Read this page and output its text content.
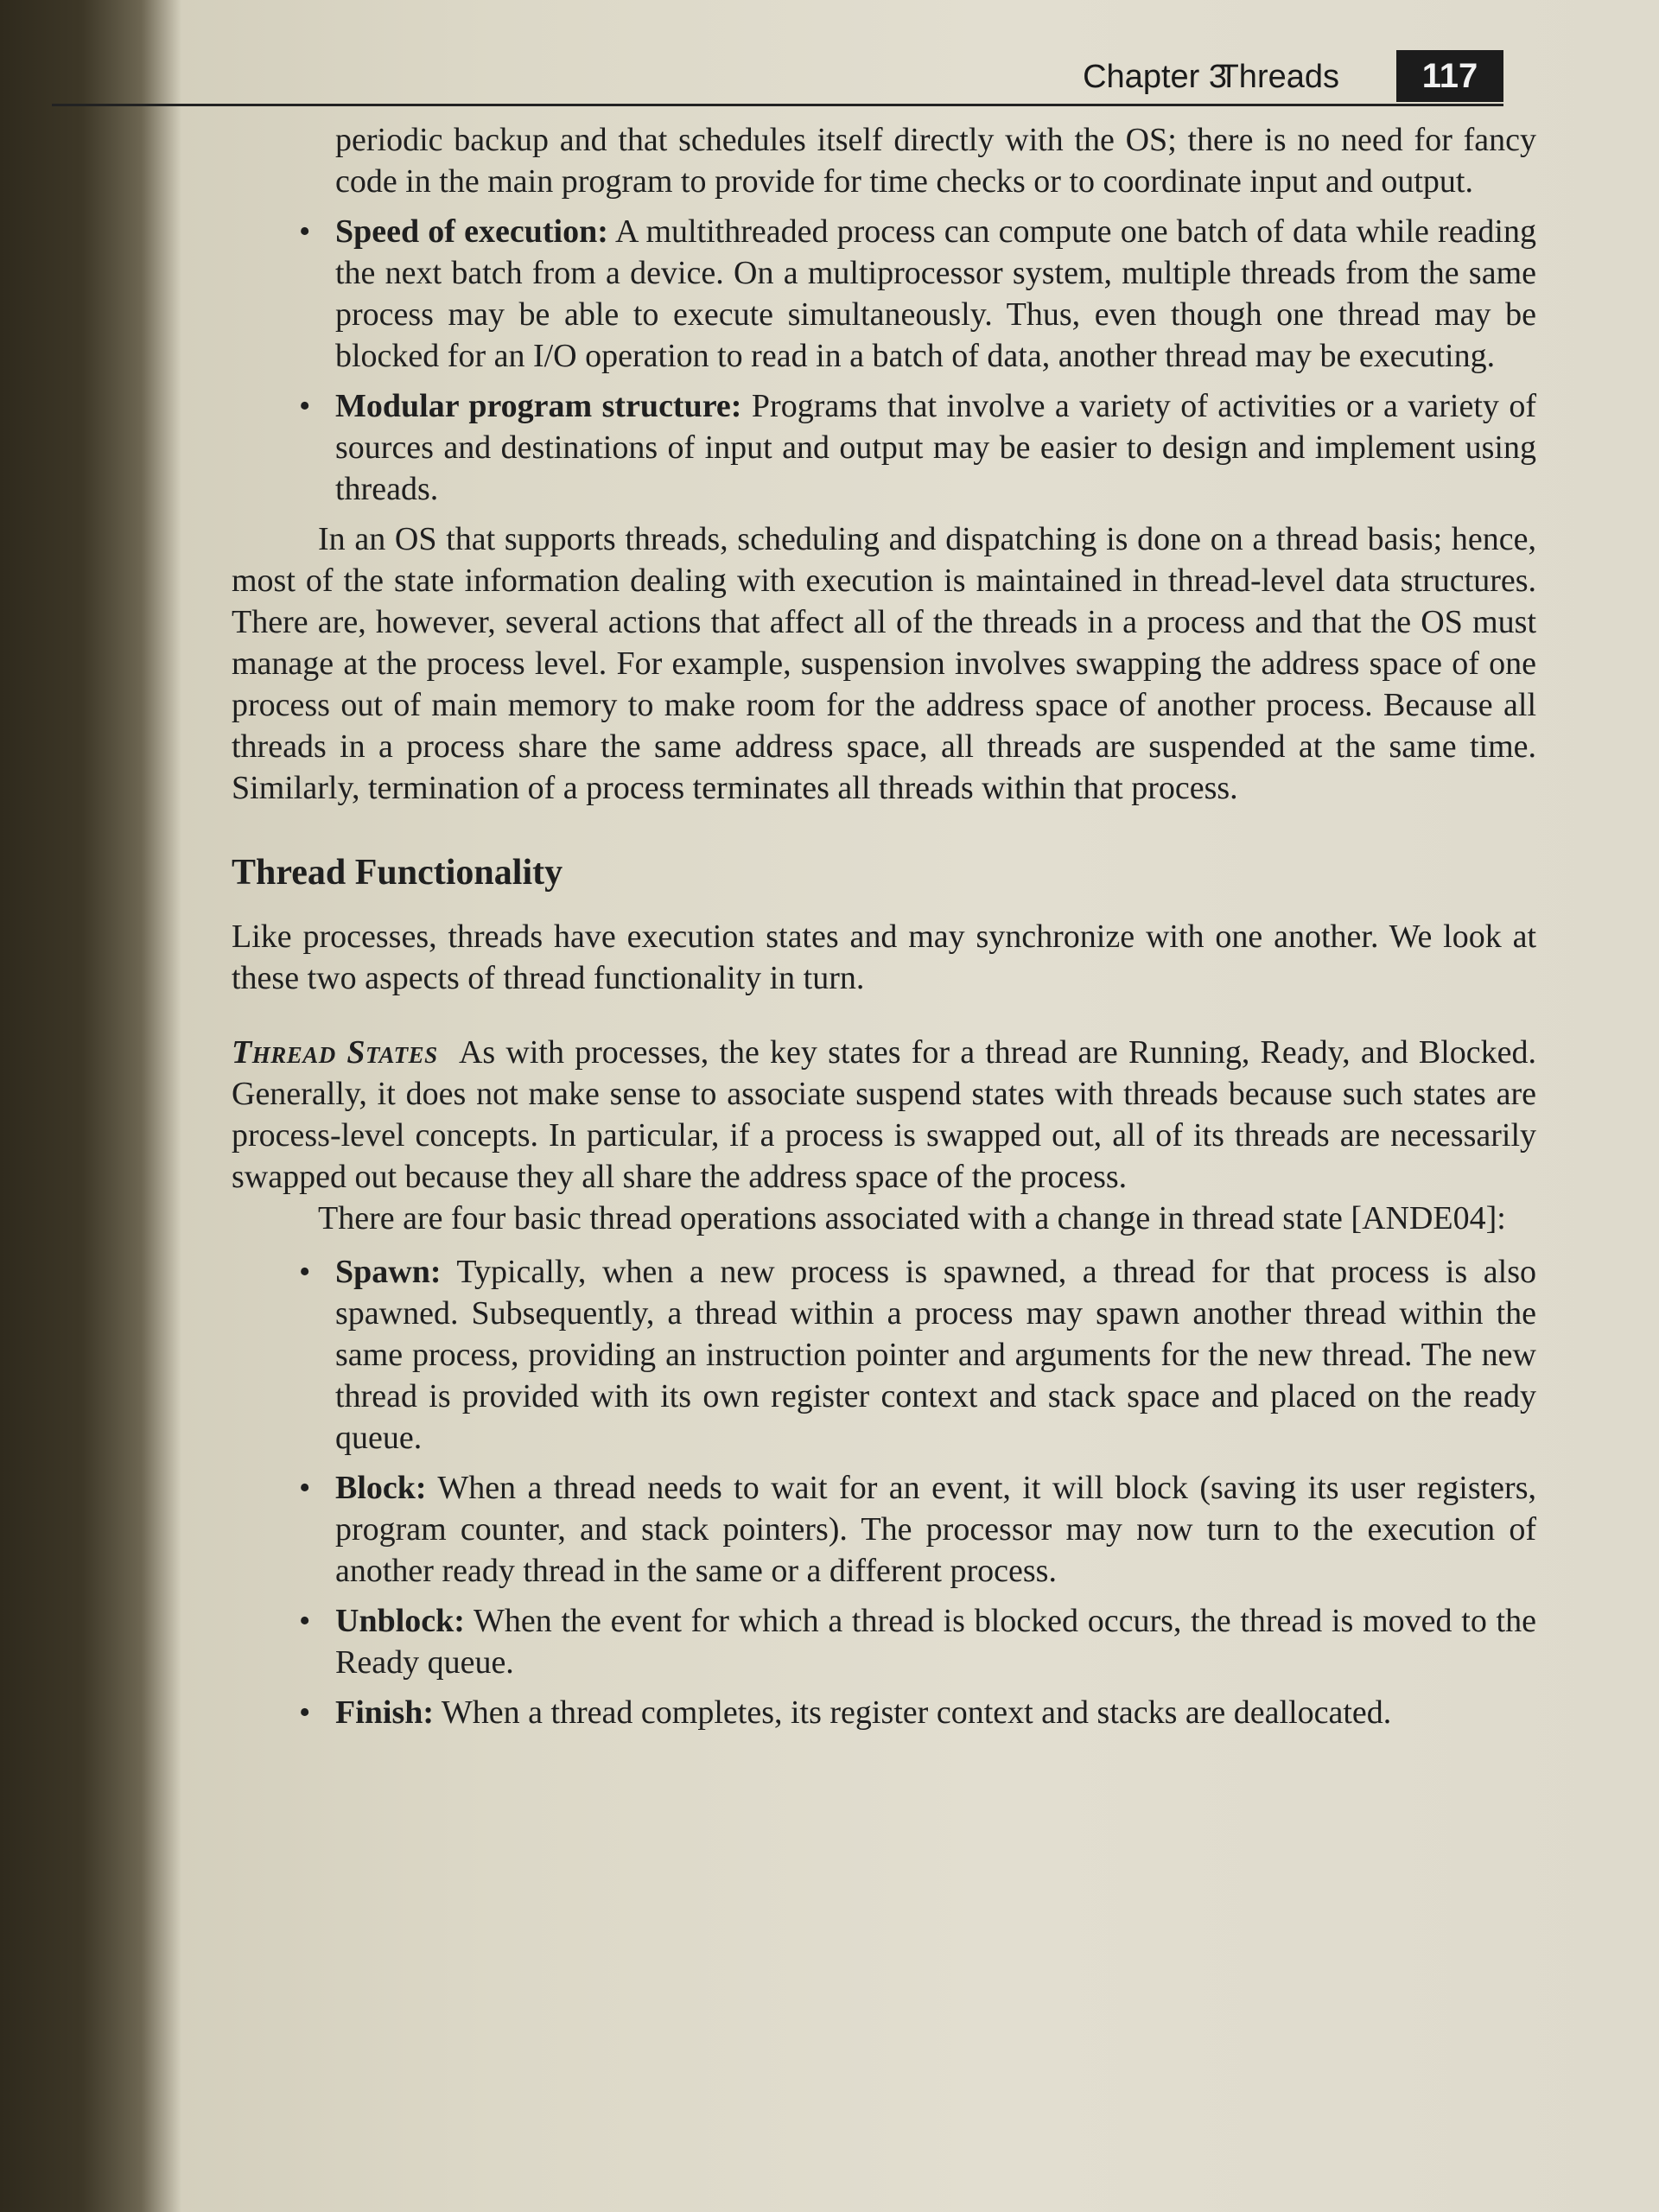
Chapter 3
Threads	117
periodic backup and that schedules itself directly with the OS; there is no need for fancy code in the main program to provide for time checks or to coordinate input and output.
• Speed of execution: A multithreaded process can compute one batch of data while reading the next batch from a device. On a multiprocessor system, multiple threads from the same process may be able to execute simultaneously. Thus, even though one thread may be blocked for an I/O operation to read in a batch of data, another thread may be executing.
• Modular program structure: Programs that involve a variety of activities or a variety of sources and destinations of input and output may be easier to design and implement using threads.

In an OS that supports threads, scheduling and dispatching is done on a thread basis; hence, most of the state information dealing with execution is maintained in thread-level data structures. There are, however, several actions that affect all of the threads in a process and that the OS must manage at the process level. For example, suspension involves swapping the address space of one process out of main memory to make room for the address space of another process. Because all threads in a process share the same address space, all threads are suspended at the same time. Similarly, termination of a process terminates all threads within that process.

Thread Functionality

Like processes, threads have execution states and may synchronize with one another. We look at these two aspects of thread functionality in turn.

Thread States As with processes, the key states for a thread are Running, Ready, and Blocked. Generally, it does not make sense to associate suspend states with threads because such states are process-level concepts. In particular, if a process is swapped out, all of its threads are necessarily swapped out because they all share the address space of the process.

There are four basic thread operations associated with a change in thread state [ANDE04]:

• Spawn: Typically, when a new process is spawned, a thread for that process is also spawned. Subsequently, a thread within a process may spawn another thread within the same process, providing an instruction pointer and arguments for the new thread. The new thread is provided with its own register context and stack space and placed on the ready queue.
• Block: When a thread needs to wait for an event, it will block (saving its user registers, program counter, and stack pointers). The processor may now turn to the execution of another ready thread in the same or a different process.
• Unblock: When the event for which a thread is blocked occurs, the thread is moved to the Ready queue.
• Finish: When a thread completes, its register context and stacks are deallocated.
